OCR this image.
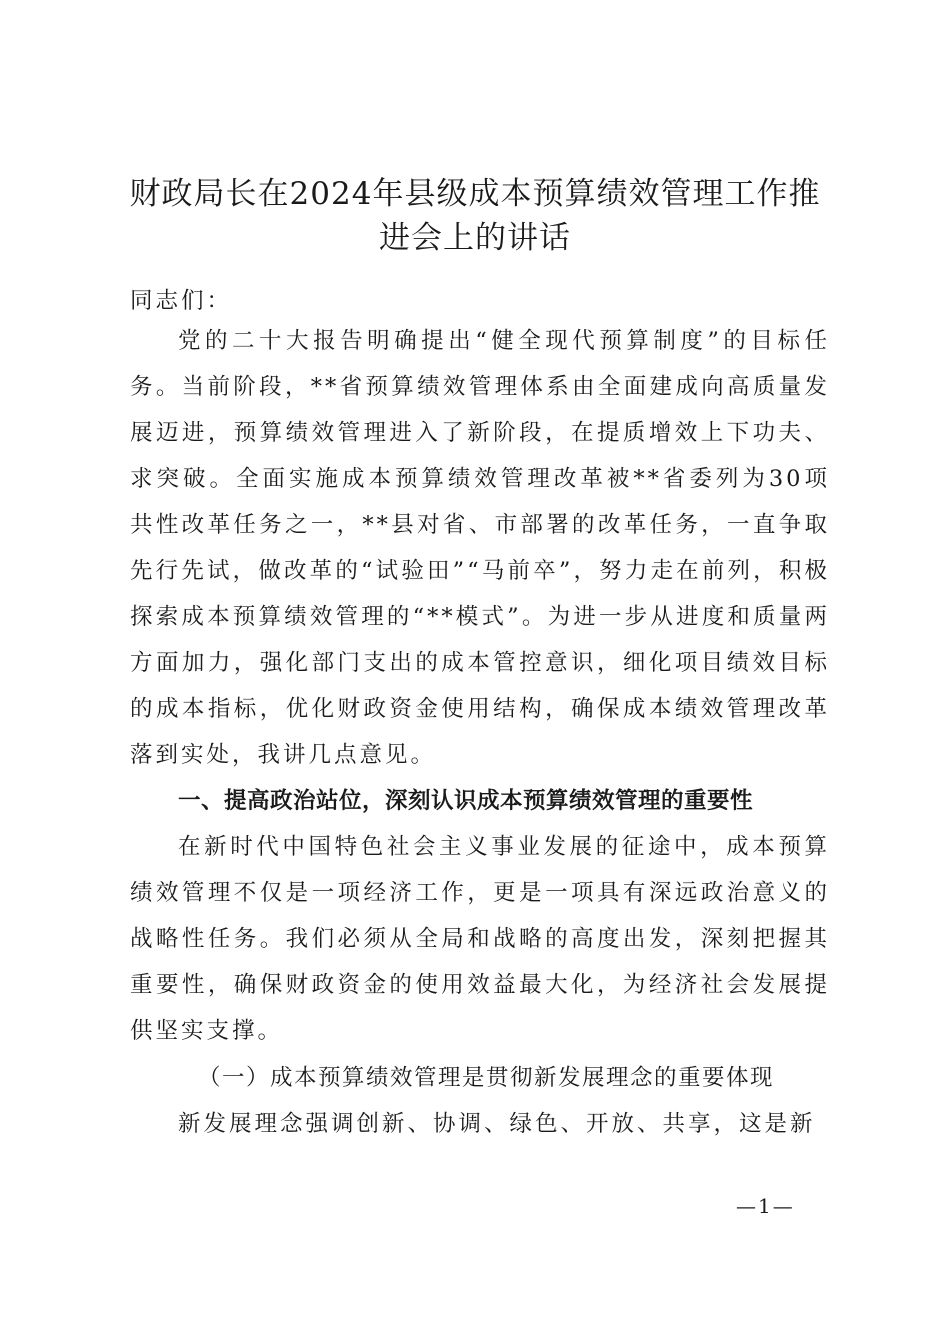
财政局长在2024年县级成本预算绩效管理工作推进会上的讲话

同志们：

党的二十大报告明确提出“健全现代预算制度”的目标任务。当前阶段，**省预算绩效管理体系由全面建成向高质量发展迈进，预算绩效管理进入了新阶段，在提质增效上下功夫、求突破。全面实施成本预算绩效管理改革被**省委列为30项共性改革任务之一，**县对省、市部署的改革任务，一直争取先行先试，做改革的“试验田”“马前卒”，努力走在前列，积极探索成本预算绩效管理的“**模式”。为进一步从进度和质量两方面加力，强化部门支出的成本管控意识，细化项目绩效目标的成本指标，优化财政资金使用结构，确保成本绩效管理改革落到实处，我讲几点意见。

一、提高政治站位，深刻认识成本预算绩效管理的重要性

在新时代中国特色社会主义事业发展的征途中，成本预算绩效管理不仅是一项经济工作，更是一项具有深远政治意义的战略性任务。我们必须从全局和战略的高度出发，深刻把握其重要性，确保财政资金的使用效益最大化，为经济社会发展提供坚实支撑。

（一）成本预算绩效管理是贯彻新发展理念的重要体现

新发展理念强调创新、协调、绿色、开放、共享，这是新

—1—
